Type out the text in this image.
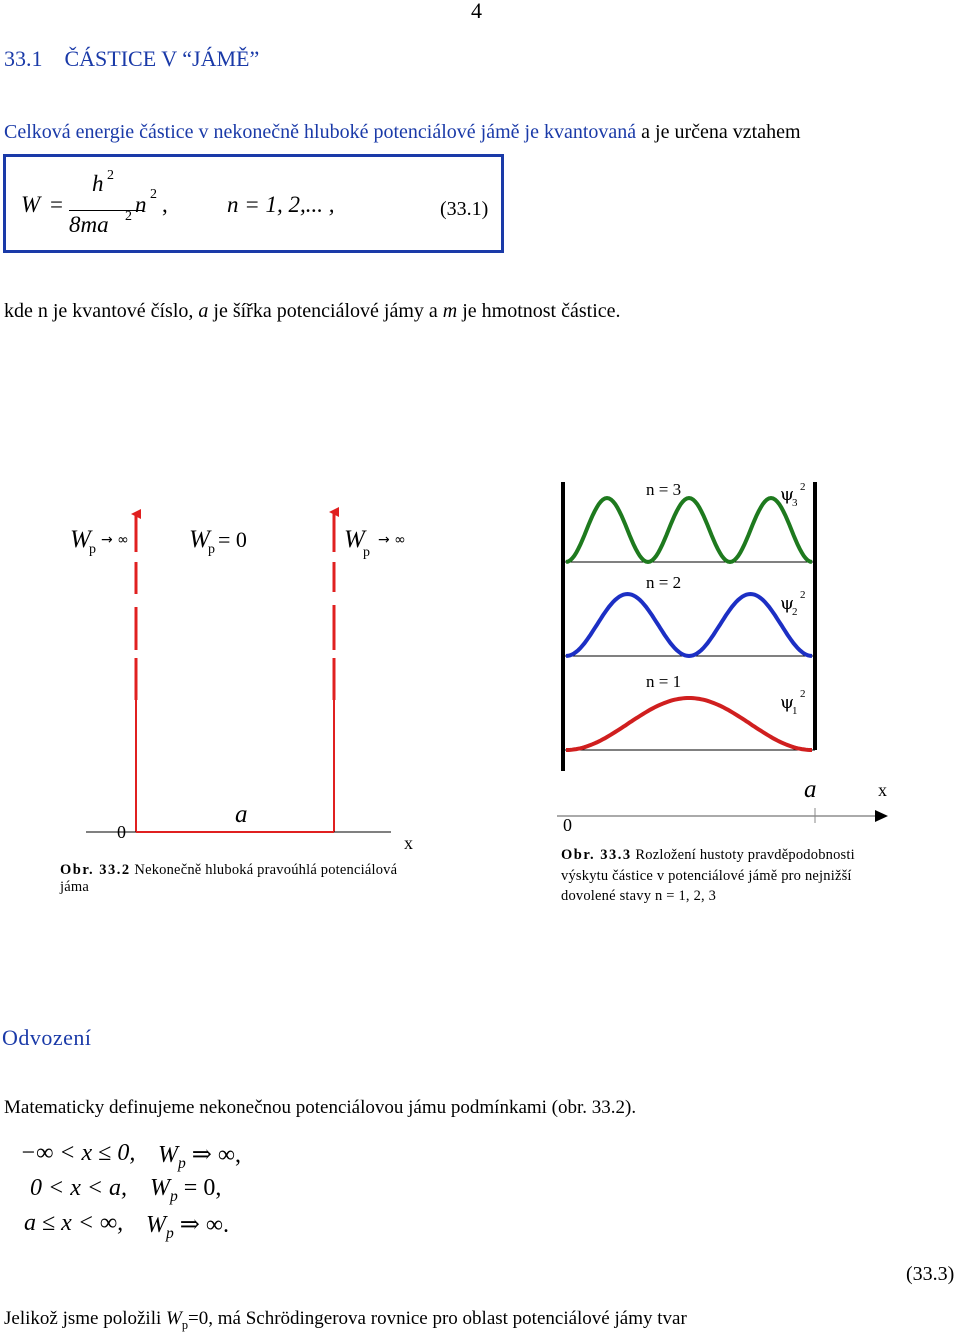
4
33.1 ČÁSTICE V “JÁMĚ”
Celková energie částice v nekonečně hluboké potenciálové jámě je kvantovaná a je určena vztahem
W =
h 2
8ma 2 n 2 ,	n = 1, 2,... ,	(33.1)
kde n je kvantové číslo, a je šířka potenciálové jámy a m je hmotnost částice.
W
p
→ ∞ W
p = 0	W
p
→ ∞
0
a
x
n = 3
n = 2
n = 1
ψ
3
2
ψ
2
2
ψ
1
2
0
a	x
Obr. 33.2 Nekonečně hluboká pravoúhlá potenciálová
jáma
Obr. 33.3 Rozložení hustoty pravděpodobnosti
výskytu částice v potenciálové jámě pro nejnižší
dovolené stavy n = 1, 2, 3
Odvození
Matematicky definujeme nekonečnou potenciálovou jámu podmínkami (obr. 33.2).
−∞ < x ≤ 0, $W_p$ ⇒ ∞,
0 < x < a, $W_p = 0$,
a ≤ x < ∞, $W_p$ ⇒ ∞.
(33.3)
Jelikož jsme položili $W_p=0$, má Schrödingerova rovnice pro oblast potenciálové jámy tvar
